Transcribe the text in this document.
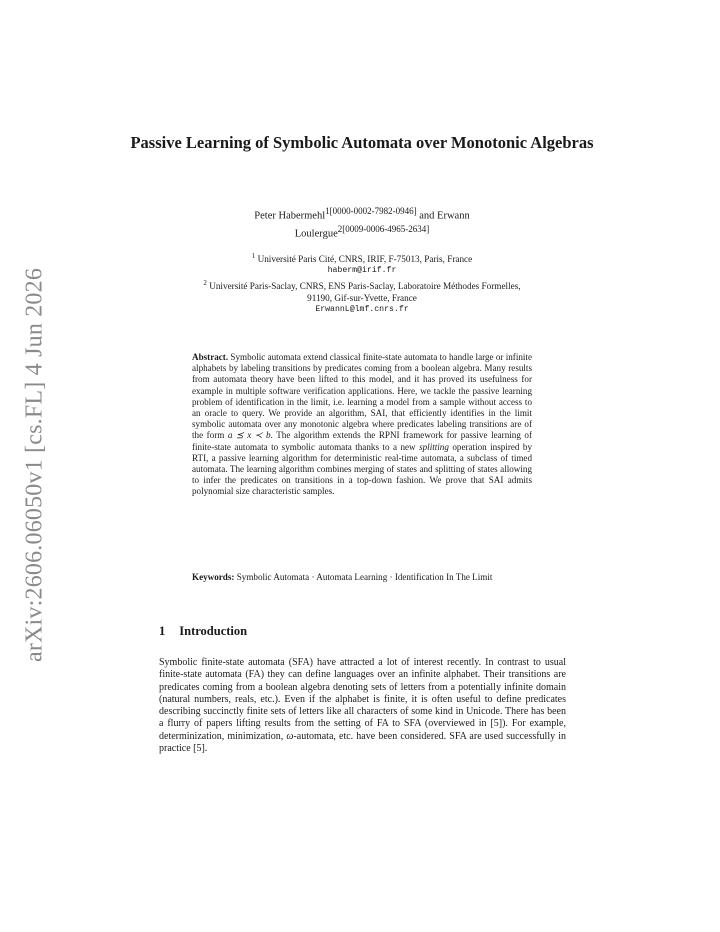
arXiv:2606.06050v1 [cs.FL] 4 Jun 2026
Passive Learning of Symbolic Automata over Monotonic Algebras
Peter Habermehl$^{1[0000-0002-7982-0946]}$ and Erwann
Loulergue$^{2[0009-0006-4965-2634]}$
$^1$ Université Paris Cité, CNRS, IRIF, F-75013, Paris, France
haberm@irif.fr
$^2$ Université Paris-Saclay, CNRS, ENS Paris-Saclay, Laboratoire Méthodes Formelles,
91190, Gif-sur-Yvette, France
ErwannL@lmf.cnrs.fr
Abstract. Symbolic automata extend classical finite-state automata to handle large or infinite alphabets by labeling transitions by predicates coming from a boolean algebra. Many results from automata theory have been lifted to this model, and it has proved its usefulness for example in multiple software verification applications. Here, we tackle the passive learning problem of identification in the limit, i.e. learning a model from a sample without access to an oracle to query. We provide an algorithm, SAI, that efficiently identifies in the limit symbolic automata over any monotonic algebra where predicates labeling transitions are of the form a ⪯ x ≺ b. The algorithm extends the RPNI framework for passive learning of finite-state automata to symbolic automata thanks to a new splitting operation inspired by RTI, a passive learning algorithm for deterministic real-time automata, a subclass of timed automata. The learning algorithm combines merging of states and splitting of states allowing to infer the predicates on transitions in a top-down fashion. We prove that SAI admits polynomial size characteristic samples.
Keywords: Symbolic Automata · Automata Learning · Identification In The Limit
1 Introduction
Symbolic finite-state automata (SFA) have attracted a lot of interest recently. In contrast to usual finite-state automata (FA) they can define languages over an infinite alphabet. Their transitions are predicates coming from a boolean algebra denoting sets of letters from a potentially infinite domain (natural numbers, reals, etc.). Even if the alphabet is finite, it is often useful to define predicates describing succinctly finite sets of letters like all characters of some kind in Unicode. There has been a flurry of papers lifting results from the setting of FA to SFA (overviewed in [5]). For example, determinization, minimization, ω-automata, etc. have been considered. SFA are used successfully in practice [5].
